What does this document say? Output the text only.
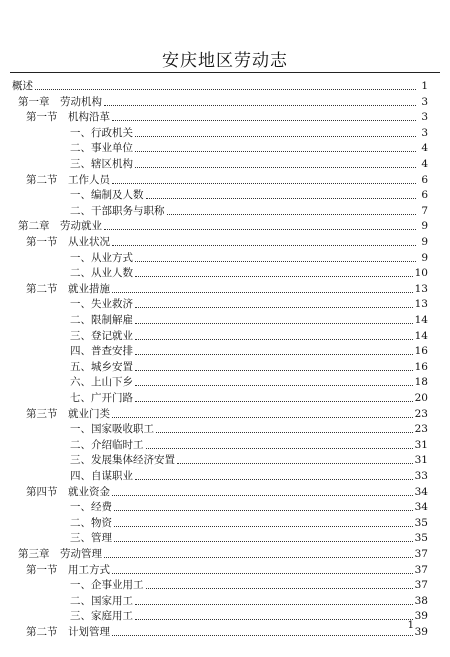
安庆地区劳动志
概述	1
第一章　劳动机构	3
第一节　机构沿革	3
一、行政机关	3
二、事业单位	4
三、辖区机构	4
第二节　工作人员	6
一、编制及人数	6
二、干部职务与职称	7
第二章　劳动就业	9
第一节　从业状况	9
一、从业方式	9
二、从业人数	10
第二节　就业措施	13
一、失业救济	13
二、限制解雇	14
三、登记就业	14
四、普查安排	16
五、城乡安置	16
六、上山下乡	18
七、广开门路	20
第三节　就业门类	23
一、国家吸收职工	23
二、介绍临时工	31
三、发展集体经济安置	31
四、自谋职业	33
第四节　就业资金	34
一、经费	34
二、物资	35
三、管理	35
第三章　劳动管理	37
第一节　用工方式	37
一、企事业用工	37
二、国家用工	38
三、家庭用工	39
第二节　计划管理	39
1
